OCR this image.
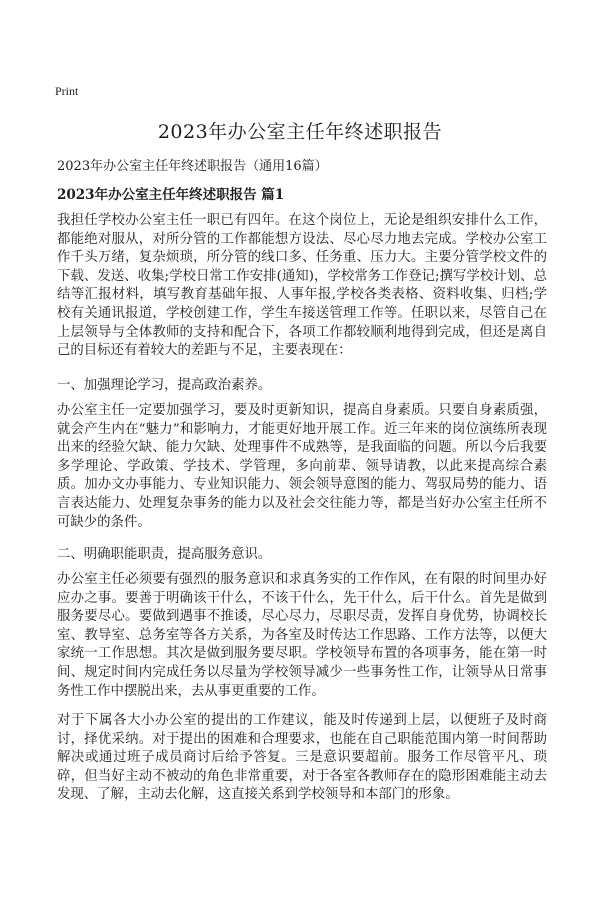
Print
2023年办公室主任年终述职报告

2023年办公室主任年终述职报告（通用16篇）

2023年办公室主任年终述职报告 篇1

我担任学校办公室主任一职已有四年。在这个岗位上，无论是组织安排什么工作，都能绝对服从，对所分管的工作都能想方设法、尽心尽力地去完成。学校办公室工作千头万绪，复杂烦琐，所分管的线口多、任务重、压力大。主要分管学校文件的下载、发送、收集;学校日常工作安排(通知)，学校常务工作登记;撰写学校计划、总结等汇报材料，填写教育基础年报、人事年报,学校各类表格、资料收集、归档;学校有关通讯报道，学校创建工作，学生车接送管理工作等。任职以来，尽管自己在上层领导与全体教师的支持和配合下，各项工作都较顺利地得到完成，但还是离自己的目标还有着较大的差距与不足，主要表现在：

一、加强理论学习，提高政治素养。

办公室主任一定要加强学习，要及时更新知识，提高自身素质。只要自身素质强，就会产生内在“魅力”和影响力，才能更好地开展工作。近三年来的岗位演练所表现出来的经验欠缺、能力欠缺、处理事件不成熟等，是我面临的问题。所以今后我要多学理论、学政策、学技术、学管理，多向前辈、领导请教，以此来提高综合素质。加办文办事能力、专业知识能力、领会领导意图的能力、驾驭局势的能力、语言表达能力、处理复杂事务的能力以及社会交往能力等，都是当好办公室主任所不可缺少的条件。

二、明确职能职责，提高服务意识。

办公室主任必须要有强烈的服务意识和求真务实的工作作风，在有限的时间里办好应办之事。要善于明确该干什么，不该干什么，先干什么，后干什么。首先是做到服务要尽心。要做到遇事不推诿，尽心尽力，尽职尽责，发挥自身优势，协调校长室、教导室、总务室等各方关系，为各室及时传达工作思路、工作方法等，以便大家统一工作思想。其次是做到服务要尽职。学校领导布置的各项事务，能在第一时间、规定时间内完成任务以尽量为学校领导减少一些事务性工作，让领导从日常事务性工作中摆脱出来，去从事更重要的工作。

对于下属各大小办公室的提出的工作建议，能及时传递到上层，以便班子及时商讨，择优采纳。对于提出的困难和合理要求，也能在自己职能范围内第一时间帮助解决或通过班子成员商讨后给予答复。三是意识要超前。服务工作尽管平凡、琐碎，但当好主动不被动的角色非常重要，对于各室各教师存在的隐形困难能主动去发现、了解，主动去化解，这直接关系到学校领导和本部门的形象。
